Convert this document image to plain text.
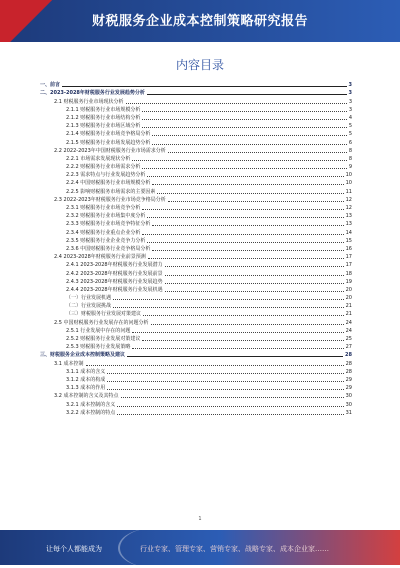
财税服务企业成本控制策略研究报告
内容目录
一、前言	3
二、2023-2028年财税服务行业发展趋势分析	3
2.1 财税服务行业市场现状分析	3
2.1.1 财税服务行业市场规模分析	3
2.1.2 财税服务行业市场结构分析	4
2.1.3 财税服务行业市场区域分析	5
2.1.4 财税服务行业市场竞争格局分析	5
2.1.5 财税服务行业市场发展趋势分析	6
2.2 2022-2023年中国财税服务行业市场需求分析	8
2.2.1 市场需求发展现状分析	8
2.2.2 财税服务行业市场需求分析	9
2.2.3 需求特点与行业发展趋势分析	10
2.2.4 中国财税服务行业市场规模分析	10
2.2.5 影响财税服务市场需求的主要因素	11
2.3 2022-2023年财税服务行业市场竞争格局分析	12
2.3.1 财税服务行业市场竞争分析	12
2.3.2 财税服务行业市场集中度分析	13
2.3.3 财税服务行业市场竞争特征分析	13
2.3.4 财税服务行业重点企业分析	14
2.3.5 财税服务行业企业竞争力分析	15
2.3.6 中国财税服务行业竞争格局分析	16
2.4 2023-2028年财税服务行业前景预测	17
2.4.1 2023-2028年财税服务行业发展潜力	17
2.4.2 2023-2028年财税服务行业发展前景	18
2.4.3 2023-2028年财税服务行业发展趋势	19
2.4.4 2023-2028年财税服务行业发展机遇	20
（一）行业发展机遇	20
（二）行业发展挑战	21
（三）财税服务行业发展对策建议	21
2.5 中国财税服务行业发展存在的问题分析	24
2.5.1 行业发展中存在的问题	24
2.5.2 财税服务行业发展对策建议	25
2.5.3 财税服务行业发展策略	27
三、财税服务企业成本控制策略及建议	28
3.1 成本控制	28
3.1.1 成本的含义	28
3.1.2 成本的构成	29
3.1.3 成本的作用	29
3.2 成本控制的含义及其特点	30
3.2.1 成本控制的含义	30
3.2.2 成本控制的特点	31
1
让每个人都能成为	行业专家、管理专家、营销专家、战略专家、成本企业家……
